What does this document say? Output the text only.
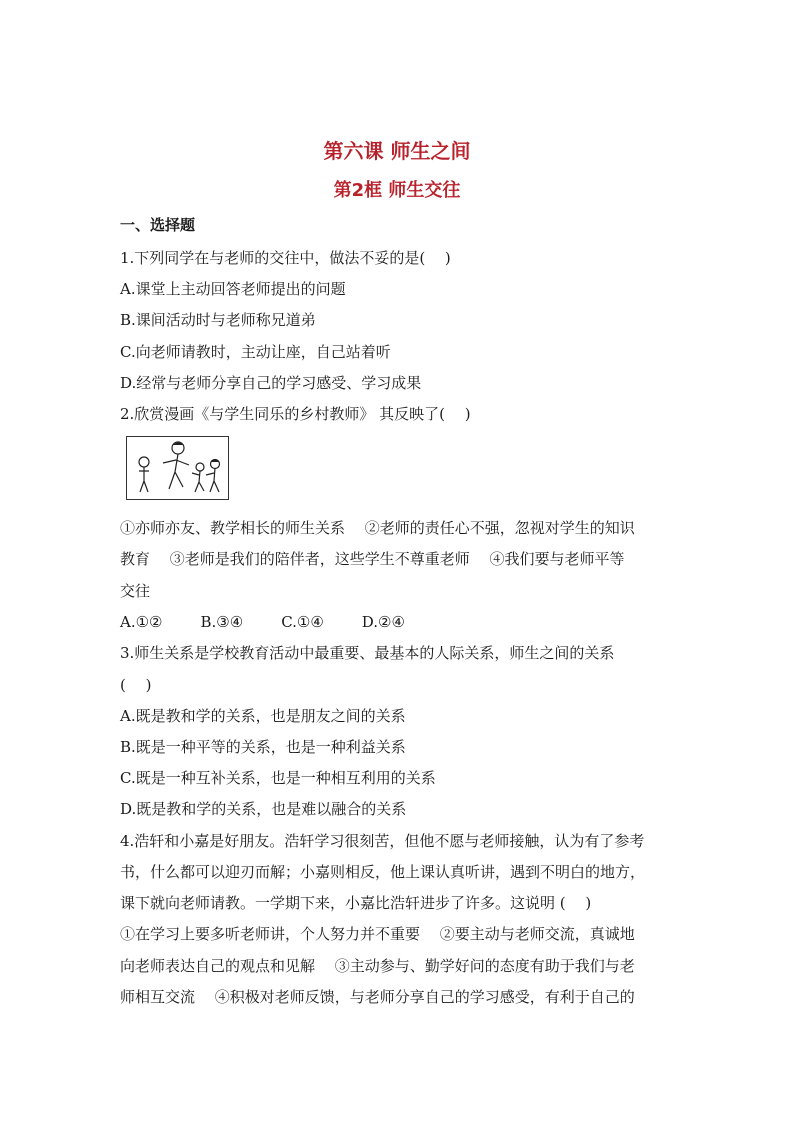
第六课 师生之间
第2框 师生交往
一、选择题
1.下列同学在与老师的交往中，做法不妥的是(　 )
A.课堂上主动回答老师提出的问题
B.课间活动时与老师称兄道弟
C.向老师请教时，主动让座，自己站着听
D.经常与老师分享自己的学习感受、学习成果
2.欣赏漫画《与学生同乐的乡村教师》 其反映了(　 )
①亦师亦友、教学相长的师生关系　 ②老师的责任心不强，忽视对学生的知识
教育　 ③老师是我们的陪伴者，这些学生不尊重老师　 ④我们要与老师平等
交往
A.①②	B.③④	C.①④	D.②④
3.师生关系是学校教育活动中最重要、最基本的人际关系，师生之间的关系
(　 )
A.既是教和学的关系，也是朋友之间的关系
B.既是一种平等的关系，也是一种利益关系
C.既是一种互补关系，也是一种相互利用的关系
D.既是教和学的关系，也是难以融合的关系
4.浩轩和小嘉是好朋友。浩轩学习很刻苦，但他不愿与老师接触，认为有了参考
书，什么都可以迎刃而解；小嘉则相反，他上课认真听讲，遇到不明白的地方，
课下就向老师请教。一学期下来，小嘉比浩轩进步了许多。这说明 (　 )
①在学习上要多听老师讲，个人努力并不重要　 ②要主动与老师交流，真诚地
向老师表达自己的观点和见解　 ③主动参与、勤学好问的态度有助于我们与老
师相互交流　 ④积极对老师反馈，与老师分享自己的学习感受，有利于自己的
